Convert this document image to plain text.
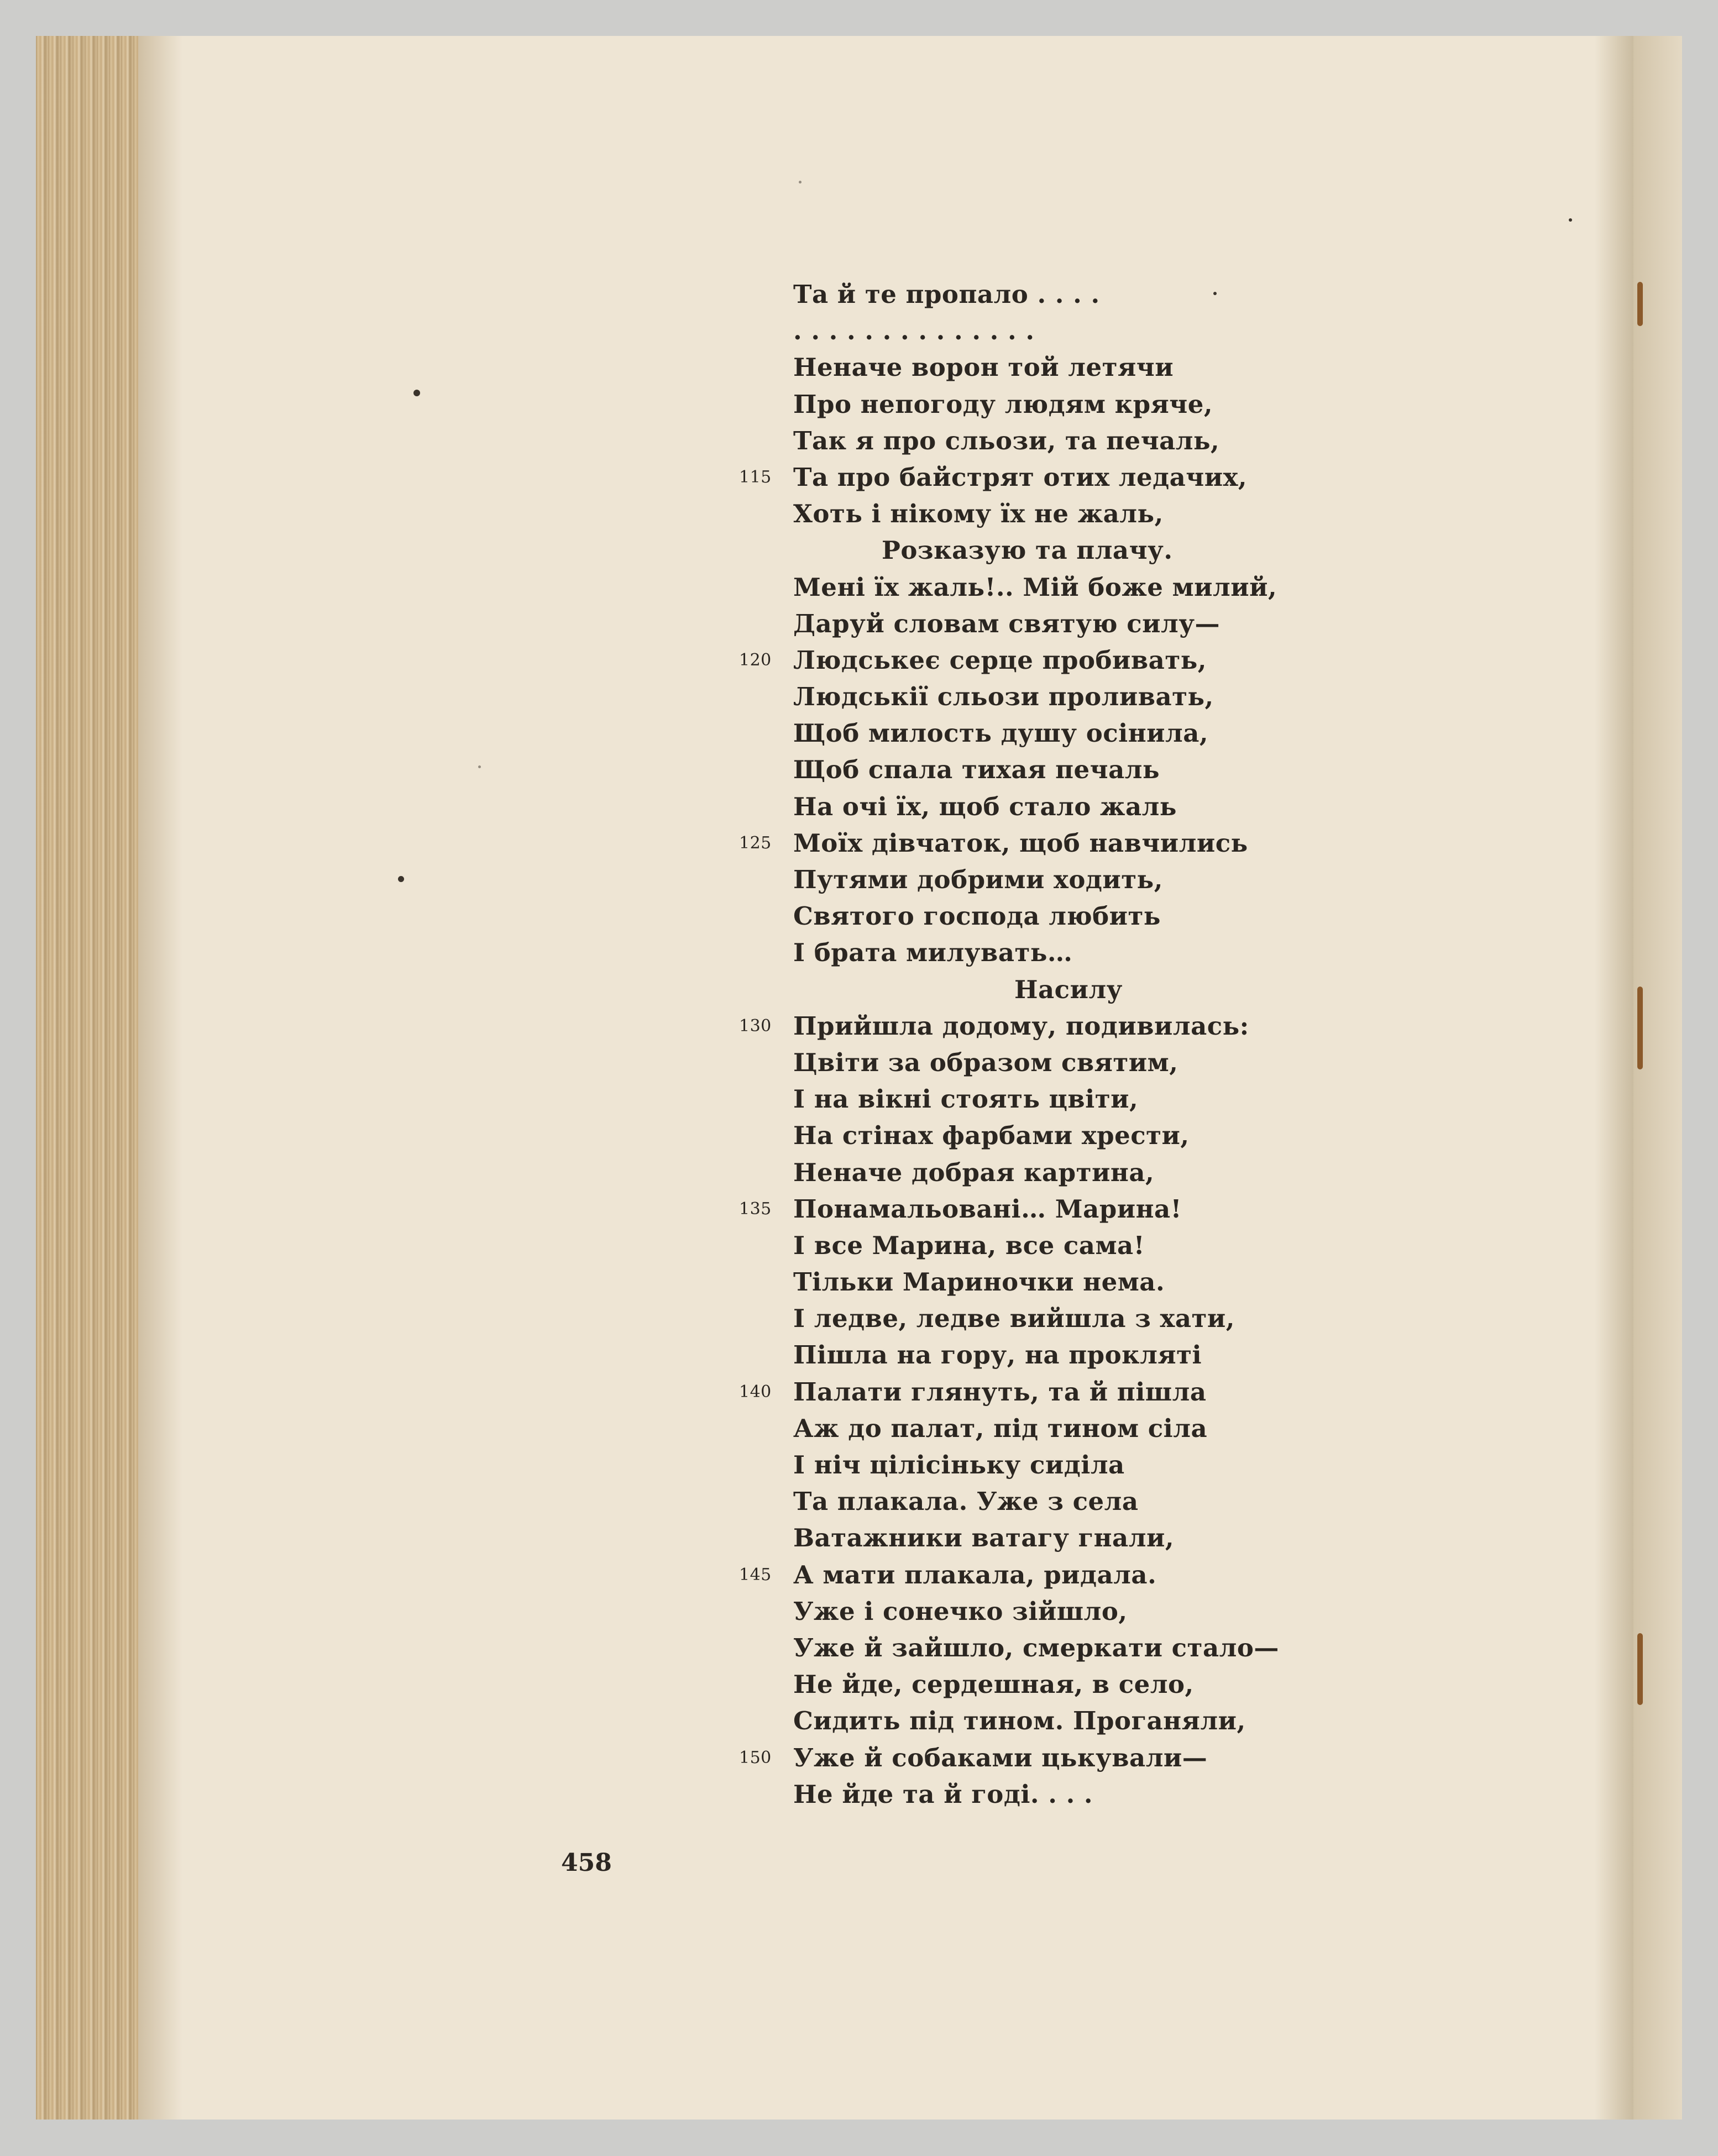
Та й те пропало . . . .
. . . . . . . . . . . . . .
Неначе ворон той летячи
Про непогоду людям кряче,
Так я про сльози, та печаль,
115 Та про байстрят отих ледачих,
Хоть і нікому їх не жаль,
Розказую та плачу.
Мені їх жаль!.. Мій боже милий,
Даруй словам святую силу—
120 Людськеє серце пробивать,
Людськії сльози проливать,
Щоб милость душу осінила,
Щоб спала тихая печаль
На очі їх, щоб стало жаль
125 Моїх дівчаток, щоб навчились
Путями добрими ходить,
Святого господа любить
І брата милувать…
Насилу
130 Прийшла додому, подивилась:
Цвіти за образом святим,
І на вікні стоять цвіти,
На стінах фарбами хрести,
Неначе добрая картина,
135 Понамальовані… Марина!
І все Марина, все сама!
Тільки Мариночки нема.
І ледве, ледве вийшла з хати,
Пішла на гору, на прокляті
140 Палати глянуть, та й пішла
Аж до палат, під тином сіла
І ніч цілісіньку сиділа
Та плакала. Уже з села
Ватажники ватагу гнали,
145 А мати плакала, ридала.
Уже і сонечко зійшло,
Уже й зайшло, смеркати стало—
Не йде, сердешная, в село,
Сидить під тином. Проганяли,
150 Уже й собаками цькували—
Не йде та й годі. . . .
458
